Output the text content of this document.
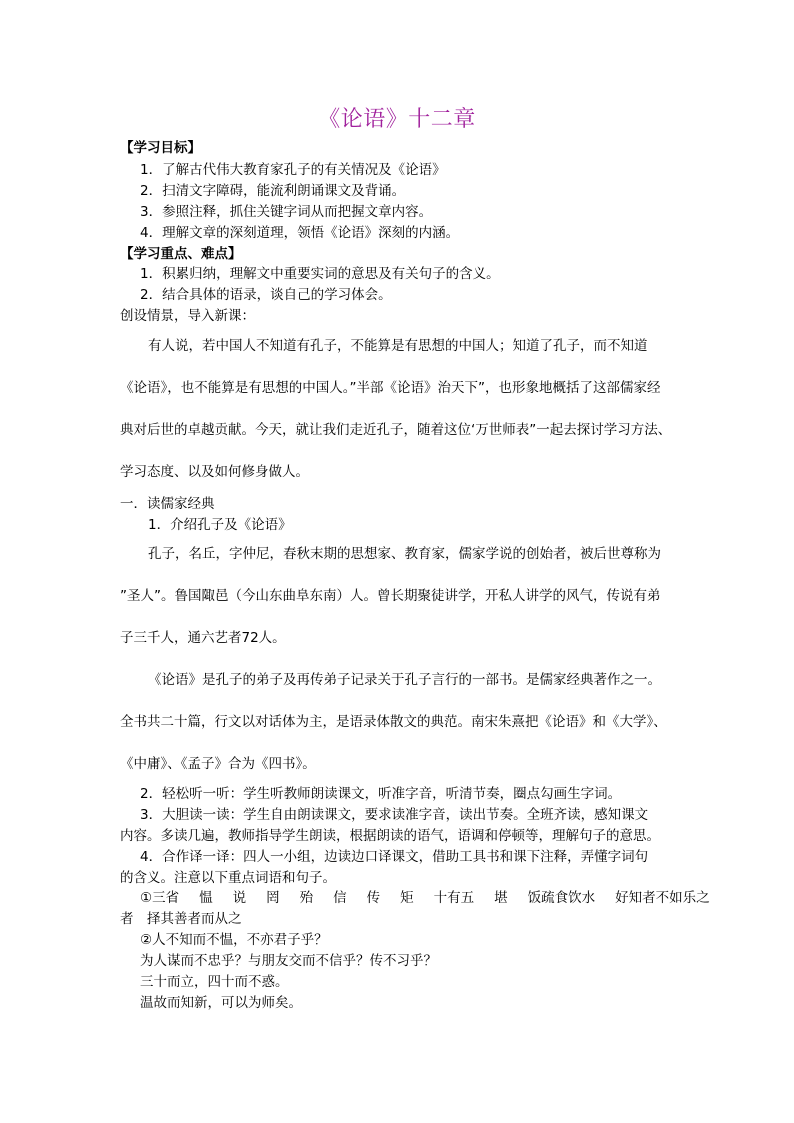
《论语》十二章
【学习目标】
1．了解古代伟大教育家孔子的有关情况及《论语》
2．扫清文字障碍，能流利朗诵课文及背诵。
3．参照注释，抓住关键字词从而把握文章内容。
4．理解文章的深刻道理，领悟《论语》深刻的内涵。
【学习重点、难点】
1．积累归纳，理解文中重要实词的意思及有关句子的含义。
2．结合具体的语录，谈自己的学习体会。
创设情景，导入新课：
有人说，若中国人不知道有孔子，不能算是有思想的中国人；知道了孔子，而不知道
《论语》，也不能算是有思想的中国人。”半部《论语》治天下”，也形象地概括了这部儒家经
典对后世的卓越贡献。今天，就让我们走近孔子，随着这位‘万世师表”一起去探讨学习方法、
学习态度、以及如何修身做人。
一．读儒家经典
1．介绍孔子及《论语》
孔子，名丘，字仲尼，春秋末期的思想家、教育家，儒家学说的创始者，被后世尊称为
”圣人”。鲁国陬邑（今山东曲阜东南）人。曾长期聚徒讲学，开私人讲学的风气，传说有弟
子三千人，通六艺者72人。
《论语》是孔子的弟子及再传弟子记录关于孔子言行的一部书。是儒家经典著作之一。
全书共二十篇，行文以对话体为主，是语录体散文的典范。南宋朱熹把《论语》和《大学》、
《中庸》、《孟子》合为《四书》。
2．轻松听一听：学生听教师朗读课文，听准字音，听清节奏，圈点勾画生字词。
3．大胆读一读：学生自由朗读课文，要求读准字音，读出节奏。全班齐读，感知课文
内容。多读几遍，教师指导学生朗读，根据朗读的语气，语调和停顿等，理解句子的意思。
4．合作译一译：四人一小组，边读边口译课文，借助工具书和课下注释，弄懂字词句
的含义。注意以下重点词语和句子。
①三省 愠 说 罔 殆 信 传 矩 十有五 堪 饭疏食饮水 好知者不如乐之
者　择其善者而从之
②人不知而不愠，不亦君子乎？
为人谋而不忠乎？与朋友交而不信乎？传不习乎？
三十而立，四十而不惑。
温故而知新，可以为师矣。
